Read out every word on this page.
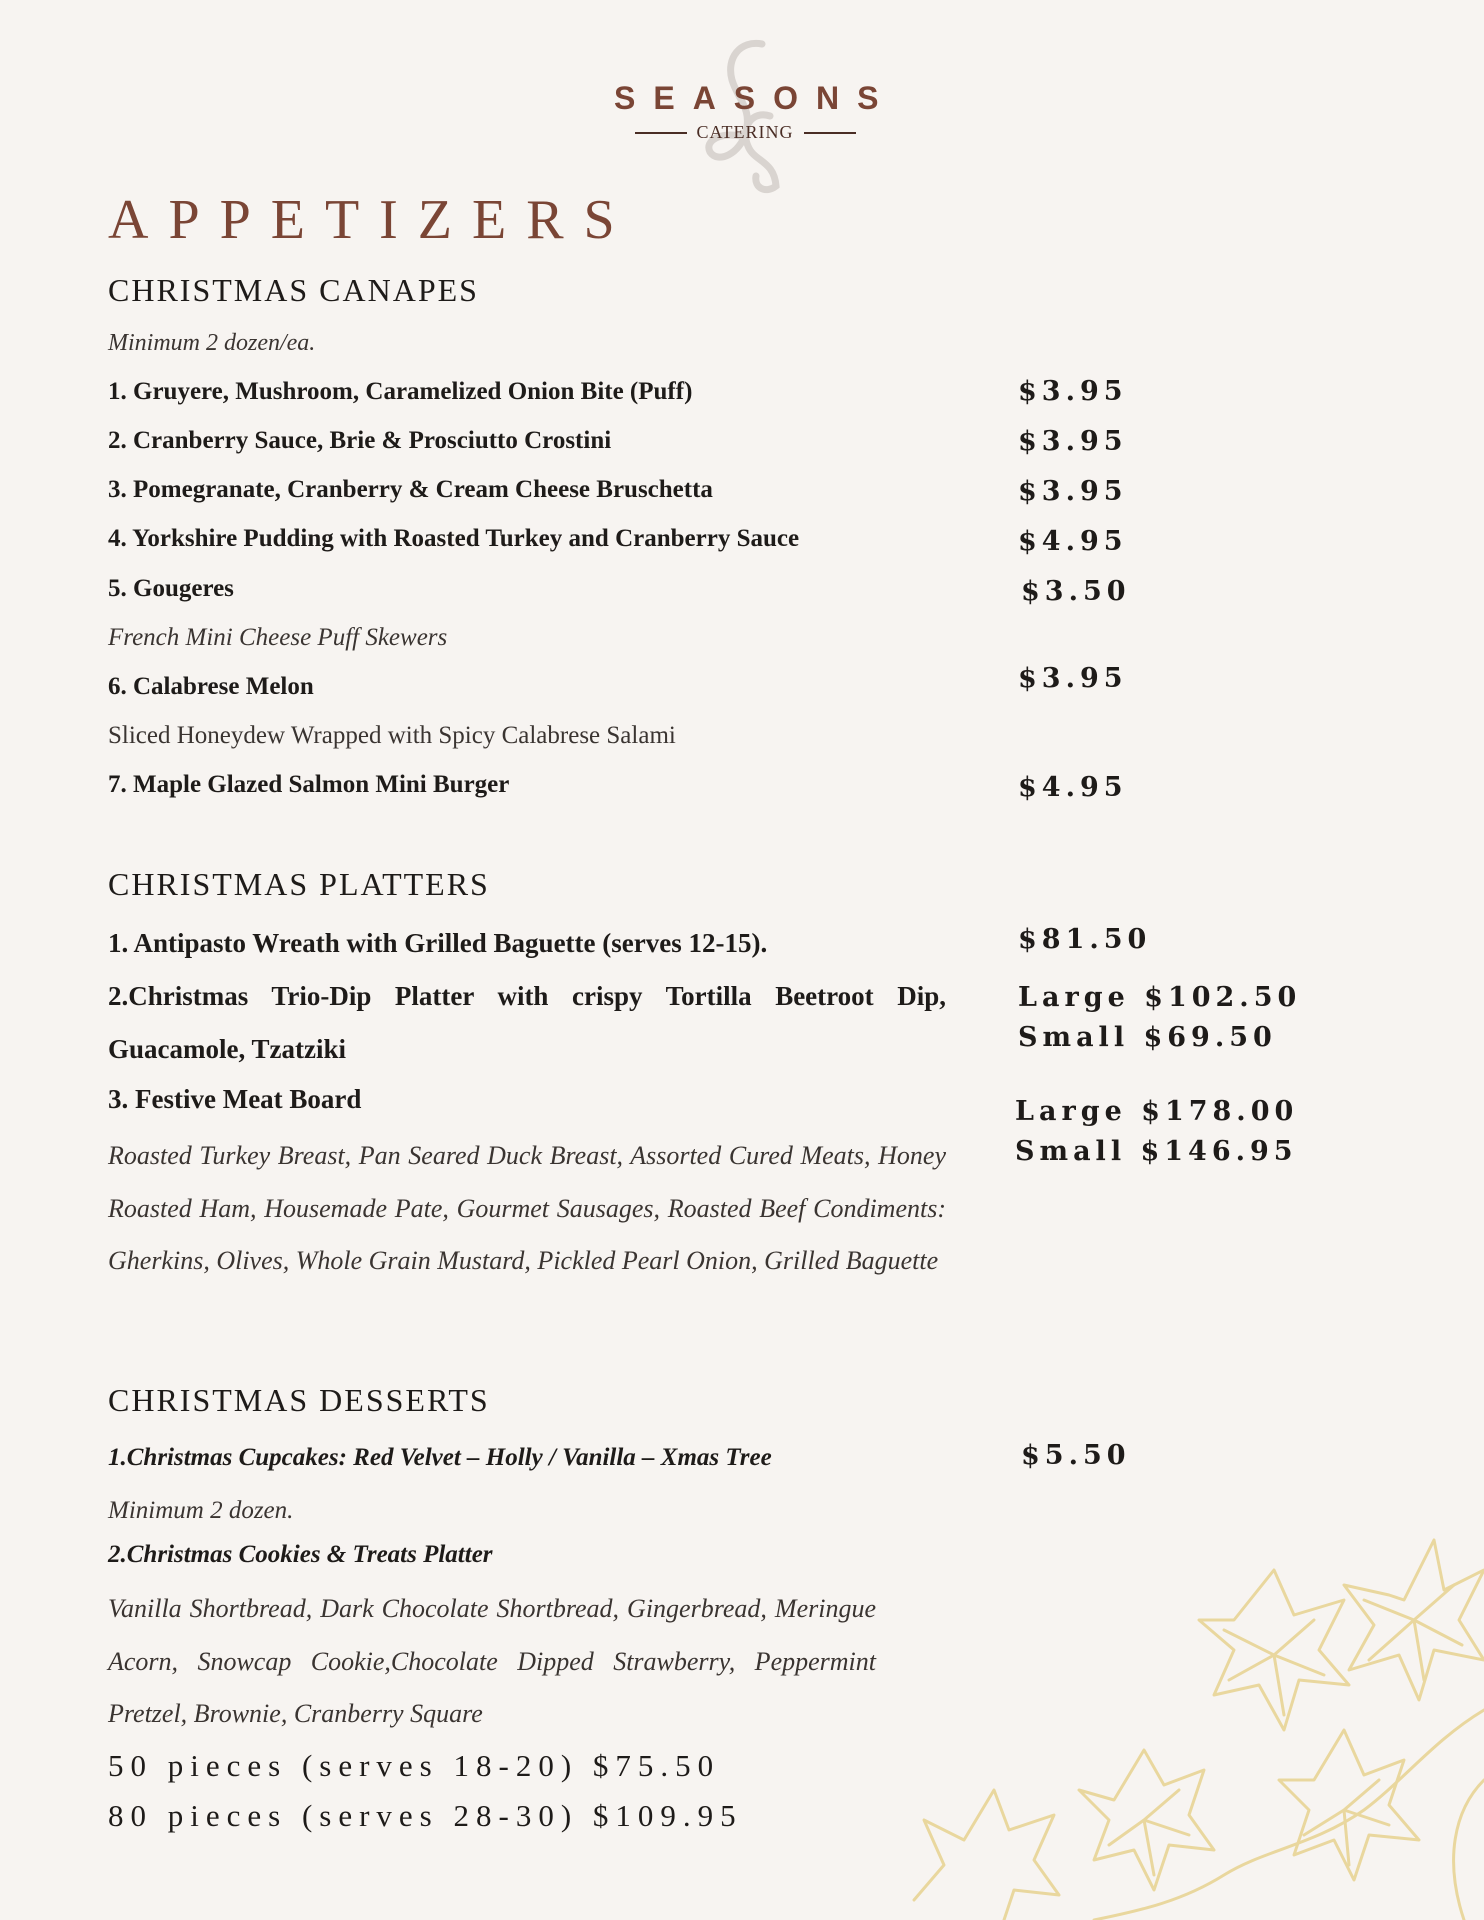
SEASONS
CATERING
APPETIZERS
CHRISTMAS CANAPES
Minimum 2 dozen/ea.
1. Gruyere, Mushroom, Caramelized Onion Bite (Puff)	$3.95
2. Cranberry Sauce, Brie & Prosciutto Crostini	$3.95
3. Pomegranate, Cranberry & Cream Cheese Bruschetta	$3.95
4. Yorkshire Pudding with Roasted Turkey and Cranberry Sauce	$4.95
5. Gougeres	$3.50
French Mini Cheese Puff Skewers
6. Calabrese Melon	$3.95
Sliced Honeydew Wrapped with Spicy Calabrese Salami
7. Maple Glazed Salmon Mini Burger	$4.95
CHRISTMAS PLATTERS
1. Antipasto Wreath with Grilled Baguette (serves 12-15).	$81.50
2.Christmas Trio-Dip Platter with crispy Tortilla Beetroot Dip, Guacamole, Tzatziki
Large $102.50
Small $69.50
3. Festive Meat Board	Large $178.00
Small $146.95
Roasted Turkey Breast, Pan Seared Duck Breast, Assorted Cured Meats, Honey Roasted Ham, Housemade Pate, Gourmet Sausages, Roasted Beef Condiments: Gherkins, Olives, Whole Grain Mustard, Pickled Pearl Onion, Grilled Baguette
CHRISTMAS DESSERTS
1.Christmas Cupcakes: Red Velvet – Holly / Vanilla – Xmas Tree	$5.50
Minimum 2 dozen.
2.Christmas Cookies & Treats Platter
Vanilla Shortbread, Dark Chocolate Shortbread, Gingerbread, Meringue Acorn, Snowcap Cookie,Chocolate Dipped Strawberry, Peppermint Pretzel, Brownie, Cranberry Square
50 pieces (serves 18-20) $75.50
80 pieces (serves 28-30) $109.95
